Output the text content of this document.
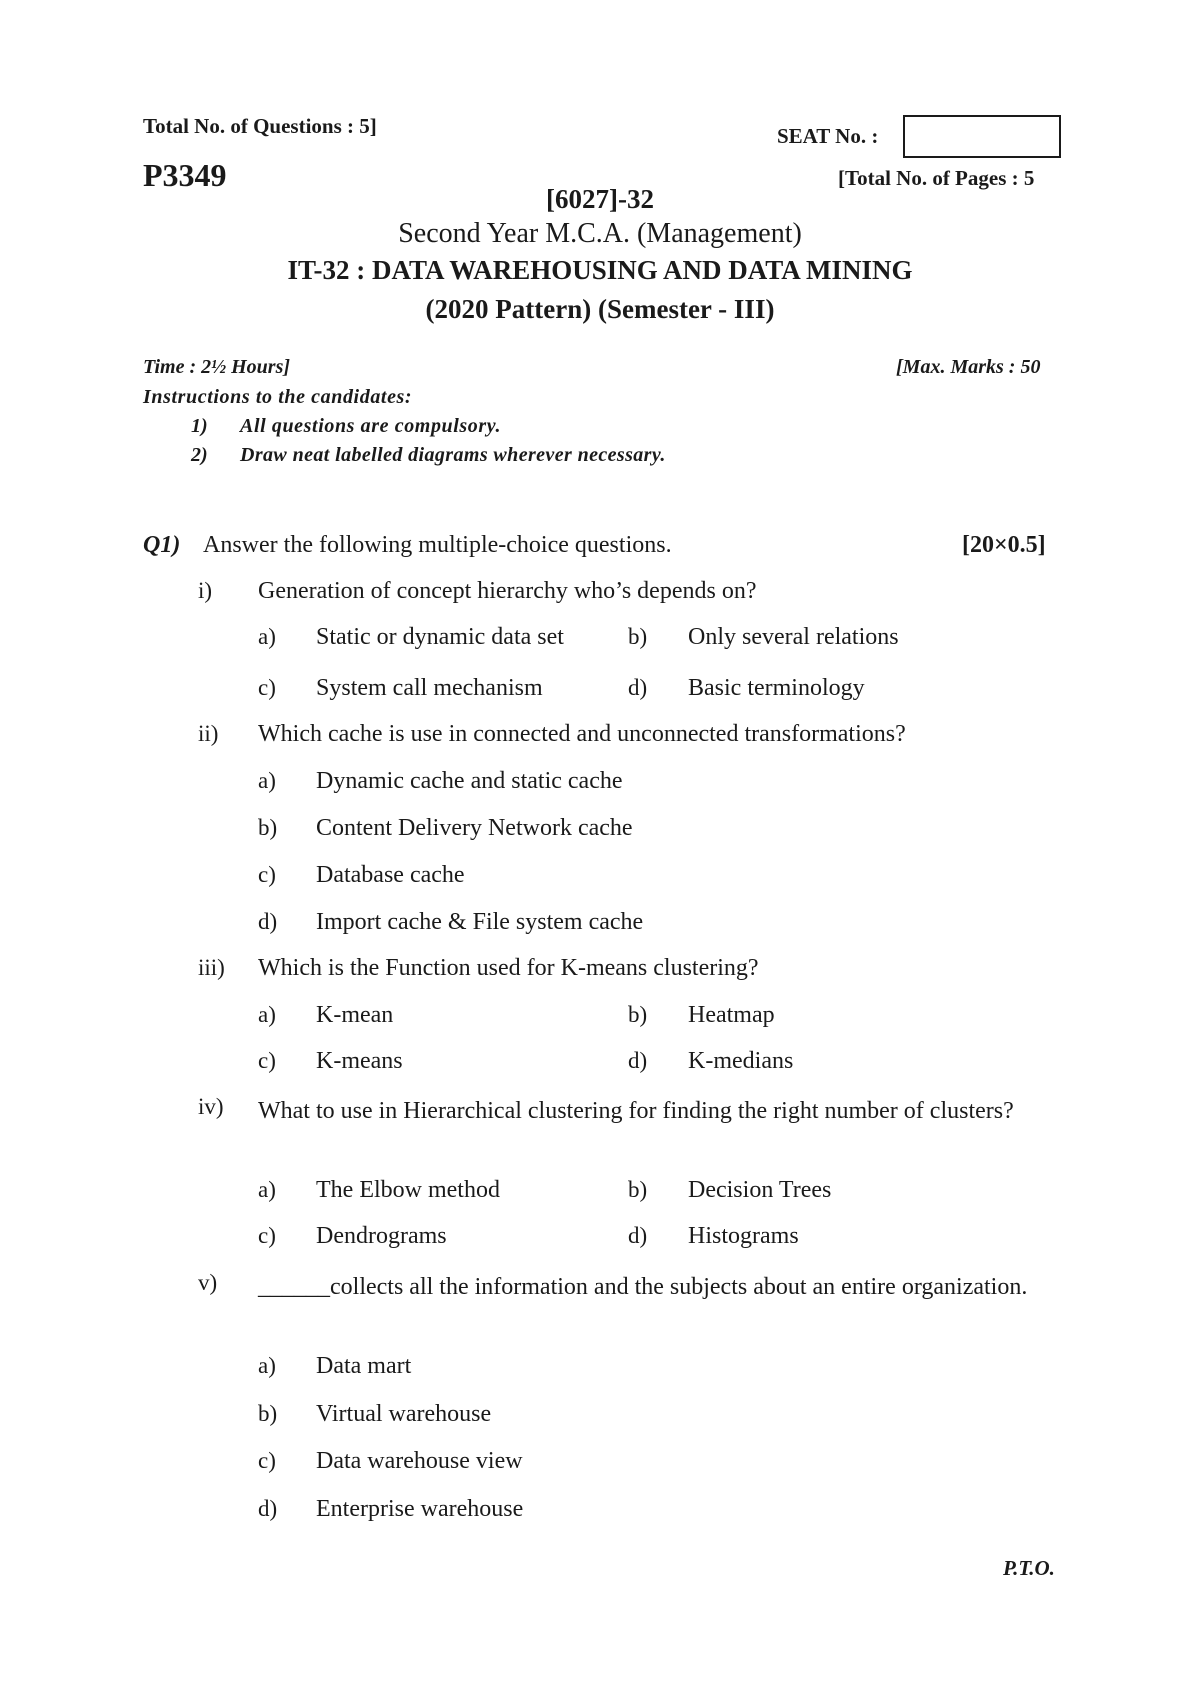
Total No. of Questions : 5]	SEAT No. :
P3349	[Total No. of Pages : 5
[6027]-32
Second Year M.C.A. (Management)
IT-32 : DATA WAREHOUSING AND DATA MINING
(2020 Pattern) (Semester - III)
Time : 2½ Hours]	[Max. Marks : 50
Instructions to the candidates:
1) All questions are compulsory.
2) Draw neat labelled diagrams wherever necessary.
Q1) Answer the following multiple-choice questions.	[20×0.5]
i) Generation of concept hierarchy who’s depends on?
a) Static or dynamic data set	b) Only several relations
c) System call mechanism	d) Basic terminology
ii) Which cache is use in connected and unconnected transformations?
a) Dynamic cache and static cache
b) Content Delivery Network cache
c) Database cache
d) Import cache & File system cache
iii) Which is the Function used for K-means clustering?
a) K-mean	b) Heatmap
c) K-means	d) K-medians
iv) What to use in Hierarchical clustering for finding the right number of clusters?
a) The Elbow method	b) Decision Trees
c) Dendrograms	d) Histograms
v) ______collects all the information and the subjects about an entire organization.
a) Data mart
b) Virtual warehouse
c) Data warehouse view
d) Enterprise warehouse
P.T.O.
